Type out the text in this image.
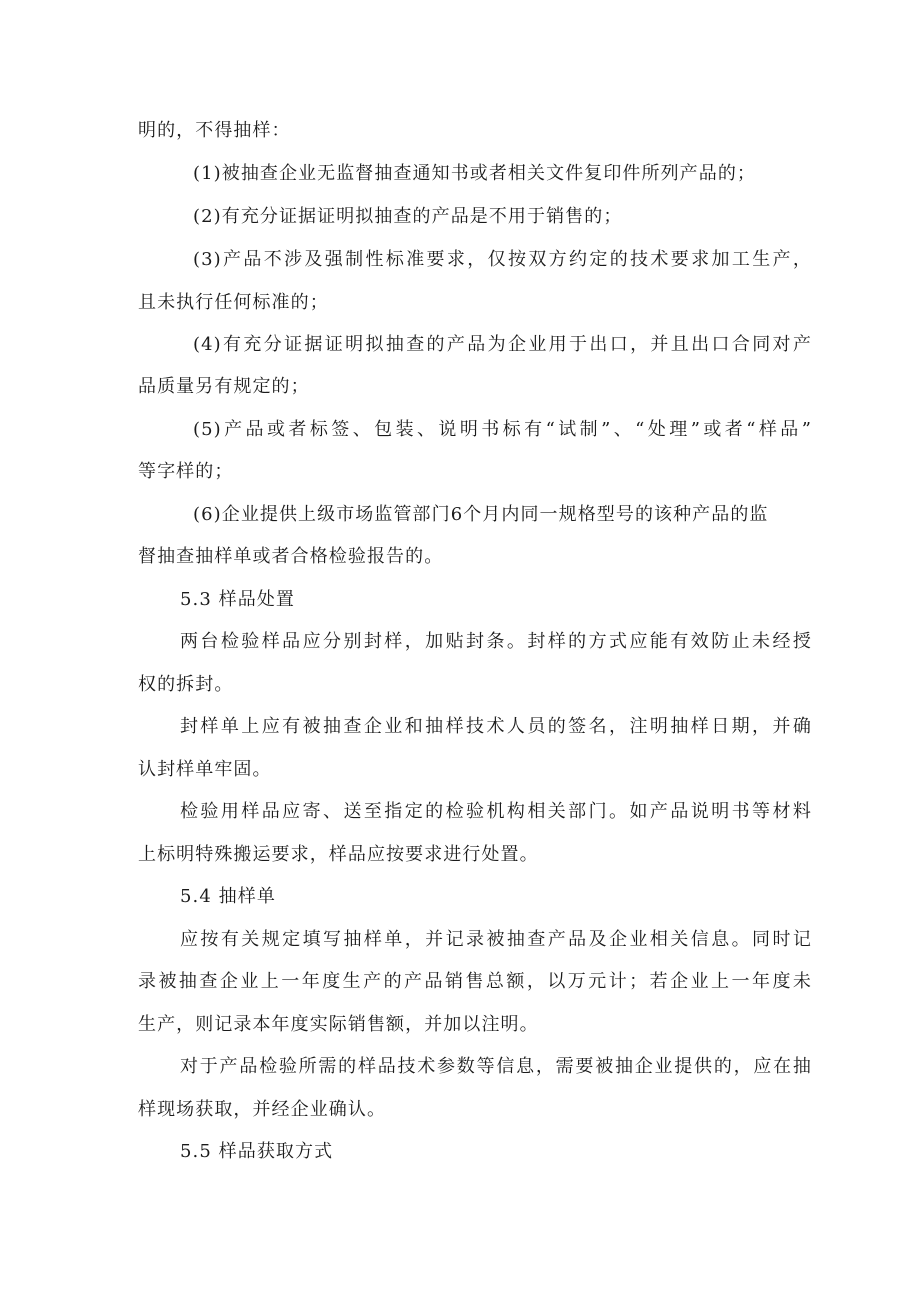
明的，不得抽样：
(1)被抽查企业无监督抽查通知书或者相关文件复印件所列产品的；
(2)有充分证据证明拟抽查的产品是不用于销售的；
(3)产品不涉及强制性标准要求，仅按双方约定的技术要求加工生产，
且未执行任何标准的；
(4)有充分证据证明拟抽查的产品为企业用于出口，并且出口合同对产
品质量另有规定的；
(5)产品或者标签、包装、说明书标有“试制”、“处理”或者“样品”
等字样的；
(6)企业提供上级市场监管部门6个月内同一规格型号的该种产品的监
督抽查抽样单或者合格检验报告的。
5.3 样品处置
两台检验样品应分别封样，加贴封条。封样的方式应能有效防止未经授
权的拆封。
封样单上应有被抽查企业和抽样技术人员的签名，注明抽样日期，并确
认封样单牢固。
检验用样品应寄、送至指定的检验机构相关部门。如产品说明书等材料
上标明特殊搬运要求，样品应按要求进行处置。
5.4 抽样单
应按有关规定填写抽样单，并记录被抽查产品及企业相关信息。同时记
录被抽查企业上一年度生产的产品销售总额，以万元计；若企业上一年度未
生产，则记录本年度实际销售额，并加以注明。
对于产品检验所需的样品技术参数等信息，需要被抽企业提供的，应在抽
样现场获取，并经企业确认。
5.5 样品获取方式
